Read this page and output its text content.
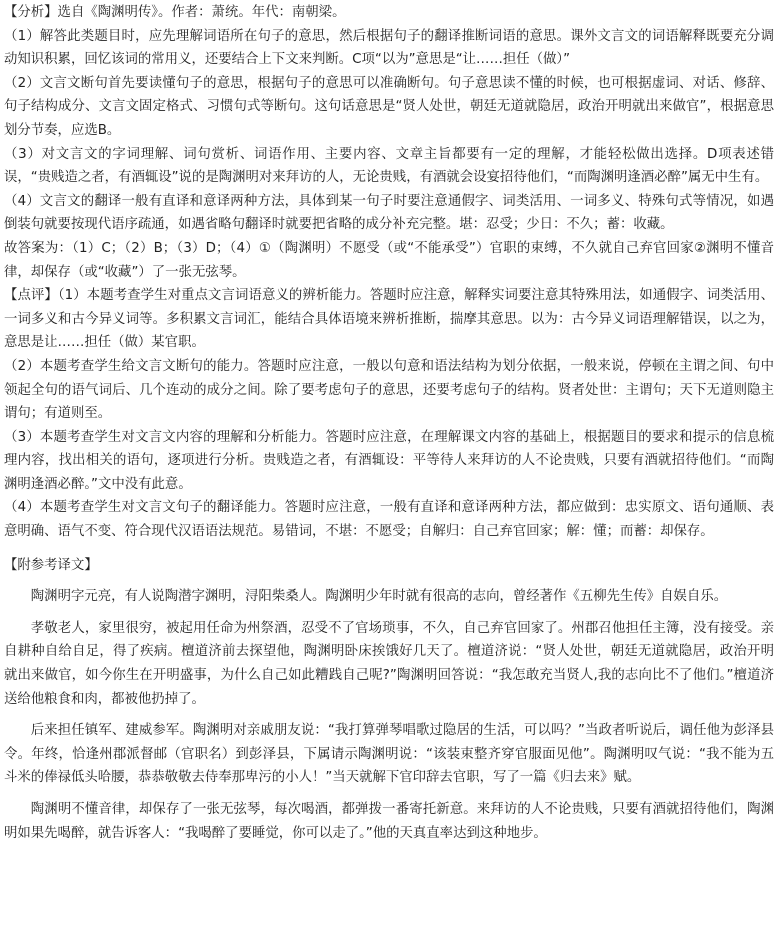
【分析】选自《陶渊明传》。作者：萧统。年代：南朝梁。

（1）解答此类题目时，应先理解词语所在句子的意思，然后根据句子的翻译推断词语的意思。课外文言文的词语解释既要充分调动知识积累，回忆该词的常用义，还要结合上下文来判断。C项“以为”意思是“让……担任（做）”

（2）文言文断句首先要读懂句子的意思，根据句子的意思可以准确断句。句子意思读不懂的时候，也可根据虚词、对话、修辞、句子结构成分、文言文固定格式、习惯句式等断句。这句话意思是“贤人处世，朝廷无道就隐居，政治开明就出来做官”，根据意思划分节奏，应选B。

（3）对文言文的字词理解、词句赏析、词语作用、主要内容、文章主旨都要有一定的理解，才能轻松做出选择。D项表述错误，“贵贱造之者，有酒辄设”说的是陶渊明对来拜访的人，无论贵贱，有酒就会设宴招待他们，“而陶渊明逢酒必醉”属无中生有。

（4）文言文的翻译一般有直译和意译两种方法，具体到某一句子时要注意通假字、词类活用、一词多义、特殊句式等情况，如遇倒装句就要按现代语序疏通，如遇省略句翻译时就要把省略的成分补充完整。堪：忍受；少日：不久；蓄：收藏。

故答案为：（1）C；（2）B；（3）D；（4）①（陶渊明）不愿受（或“不能承受”）官职的束缚，不久就自己弃官回家②渊明不懂音律，却保存（或“收藏”）了一张无弦琴。

【点评】（1）本题考查学生对重点文言词语意义的辨析能力。答题时应注意，解释实词要注意其特殊用法，如通假字、词类活用、一词多义和古今异义词等。多积累文言词汇，能结合具体语境来辨析推断，揣摩其意思。以为：古今异义词语理解错误，以之为，意思是让……担任（做）某官职。

（2）本题考查学生给文言文断句的能力。答题时应注意，一般以句意和语法结构为划分依据，一般来说，停顿在主谓之间、句中领起全句的语气词后、几个连动的成分之间。除了要考虑句子的意思，还要考虑句子的结构。贤者处世：主谓句；天下无道则隐主谓句；有道则至。

（3）本题考查学生对文言文内容的理解和分析能力。答题时应注意，在理解课文内容的基础上，根据题目的要求和提示的信息梳理内容，找出相关的语句，逐项进行分析。贵贱造之者，有酒辄设：平等待人来拜访的人不论贵贱，只要有酒就招待他们。“而陶渊明逢酒必醉。”文中没有此意。

（4）本题考查学生对文言文句子的翻译能力。答题时应注意，一般有直译和意译两种方法，都应做到：忠实原文、语句通顺、表意明确、语气不变、符合现代汉语语法规范。易错词，不堪：不愿受；自解归：自己弃官回家；解：懂；而蓄：却保存。

【附参考译文】

陶渊明字元亮，有人说陶潜字渊明，浔阳柴桑人。陶渊明少年时就有很高的志向，曾经著作《五柳先生传》自娱自乐。

孝敬老人，家里很穷，被起用任命为州祭酒，忍受不了官场琐事，不久，自己弃官回家了。州郡召他担任主簿，没有接受。亲自耕种自给自足，得了疾病。檀道济前去探望他，陶渊明卧床挨饿好几天了。檀道济说：“贤人处世，朝廷无道就隐居，政治开明就出来做官，如今你生在开明盛事，为什么自己如此糟践自己呢?”陶渊明回答说：“我怎敢充当贤人,我的志向比不了他们。”檀道济送给他粮食和肉，都被他扔掉了。

后来担任镇军、建威参军。陶渊明对亲戚朋友说：“我打算弹琴唱歌过隐居的生活，可以吗？”当政者听说后，调任他为彭泽县令。年终，恰逢州郡派督邮（官职名）到彭泽县，下属请示陶渊明说：“该装束整齐穿官服面见他”。陶渊明叹气说：“我不能为五斗米的俸禄低头哈腰，恭恭敬敬去侍奉那卑污的小人！”当天就解下官印辞去官职，写了一篇《归去来》赋。

陶渊明不懂音律，却保存了一张无弦琴，每次喝酒，都弹拨一番寄托新意。来拜访的人不论贵贱，只要有酒就招待他们，陶渊明如果先喝醉，就告诉客人：“我喝醉了要睡觉，你可以走了。”他的天真直率达到这种地步。
